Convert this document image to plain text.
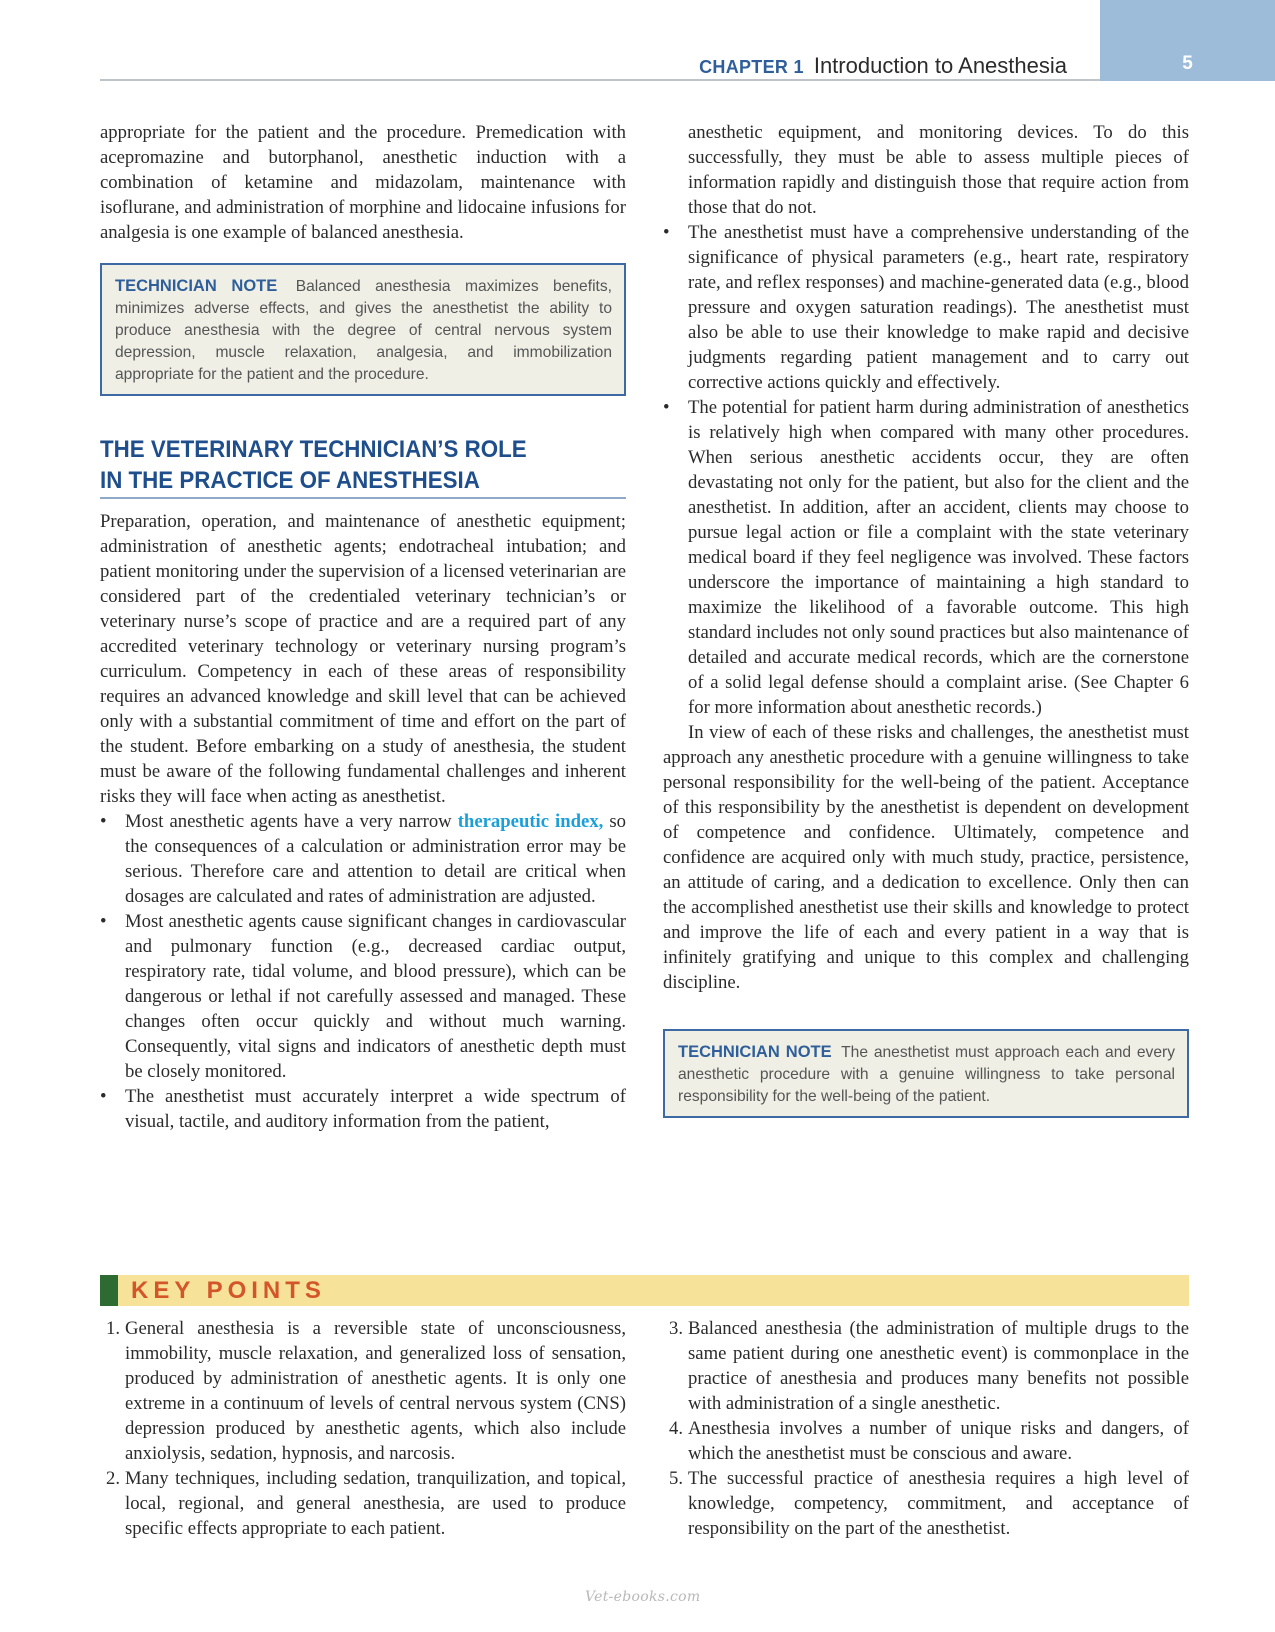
5
CHAPTER 1 Introduction to Anesthesia

appropriate for the patient and the procedure. Premedication with acepromazine and butorphanol, anesthetic induction with a combination of ketamine and midazolam, maintenance with isoflurane, and administration of morphine and lidocaine infusions for analgesia is one example of balanced anesthesia.

TECHNICIAN NOTE Balanced anesthesia maximizes benefits, minimizes adverse effects, and gives the anesthetist the ability to produce anesthesia with the degree of central nervous system depression, muscle relaxation, analgesia, and immobilization appropriate for the patient and the procedure.
THE VETERINARY TECHNICIAN’S ROLE
IN THE PRACTICE OF ANESTHESIA

Preparation, operation, and maintenance of anesthetic equipment; administration of anesthetic agents; endotracheal intubation; and patient monitoring under the supervision of a licensed veterinarian are considered part of the credentialed veterinary technician’s or veterinary nurse’s scope of practice and are a required part of any accredited veterinary technology or veterinary nursing program’s curriculum. Competency in each of these areas of responsibility requires an advanced knowledge and skill level that can be achieved only with a substantial commitment of time and effort on the part of the student. Before embarking on a study of anesthesia, the student must be aware of the following fundamental challenges and inherent risks they will face when acting as anesthetist.

• Most anesthetic agents have a very narrow therapeutic index, so the consequences of a calculation or administration error may be serious. Therefore care and attention to detail are critical when dosages are calculated and rates of administration are adjusted.
• Most anesthetic agents cause significant changes in cardiovascular and pulmonary function (e.g., decreased cardiac output, respiratory rate, tidal volume, and blood pressure), which can be dangerous or lethal if not carefully assessed and managed. These changes often occur quickly and without much warning. Consequently, vital signs and indicators of anesthetic depth must be closely monitored.
• The anesthetist must accurately interpret a wide spectrum of visual, tactile, and auditory information from the patient,

anesthetic equipment, and monitoring devices. To do this successfully, they must be able to assess multiple pieces of information rapidly and distinguish those that require action from those that do not.

• The anesthetist must have a comprehensive understanding of the significance of physical parameters (e.g., heart rate, respiratory rate, and reflex responses) and machine-generated data (e.g., blood pressure and oxygen saturation readings). The anesthetist must also be able to use their knowledge to make rapid and decisive judgments regarding patient management and to carry out corrective actions quickly and effectively.
• The potential for patient harm during administration of anesthetics is relatively high when compared with many other procedures. When serious anesthetic accidents occur, they are often devastating not only for the patient, but also for the client and the anesthetist. In addition, after an accident, clients may choose to pursue legal action or file a complaint with the state veterinary medical board if they feel negligence was involved. These factors underscore the importance of maintaining a high standard to maximize the likelihood of a favorable outcome. This high standard includes not only sound practices but also maintenance of detailed and accurate medical records, which are the cornerstone of a solid legal defense should a complaint arise. (See Chapter 6 for more information about anesthetic records.)

In view of each of these risks and challenges, the anesthetist must approach any anesthetic procedure with a genuine willingness to take personal responsibility for the well-being of the patient. Acceptance of this responsibility by the anesthetist is dependent on development of competence and confidence. Ultimately, competence and confidence are acquired only with much study, practice, persistence, an attitude of caring, and a dedication to excellence. Only then can the accomplished anesthetist use their skills and knowledge to protect and improve the life of each and every patient in a way that is infinitely gratifying and unique to this complex and challenging discipline.

TECHNICIAN NOTE The anesthetist must approach each and every anesthetic procedure with a genuine willingness to take personal responsibility for the well-being of the patient.
KEY POINTS
1. General anesthesia is a reversible state of unconsciousness, immobility, muscle relaxation, and generalized loss of sensation, produced by administration of anesthetic agents. It is only one extreme in a continuum of levels of central nervous system (CNS) depression produced by anesthetic agents, which also include anxiolysis, sedation, hypnosis, and narcosis.
2. Many techniques, including sedation, tranquilization, and topical, local, regional, and general anesthesia, are used to produce specific effects appropriate to each patient.
3. Balanced anesthesia (the administration of multiple drugs to the same patient during one anesthetic event) is commonplace in the practice of anesthesia and produces many benefits not possible with administration of a single anesthetic.
4. Anesthesia involves a number of unique risks and dangers, of which the anesthetist must be conscious and aware.
5. The successful practice of anesthesia requires a high level of knowledge, competency, commitment, and acceptance of responsibility on the part of the anesthetist.
Vet-ebooks.com
